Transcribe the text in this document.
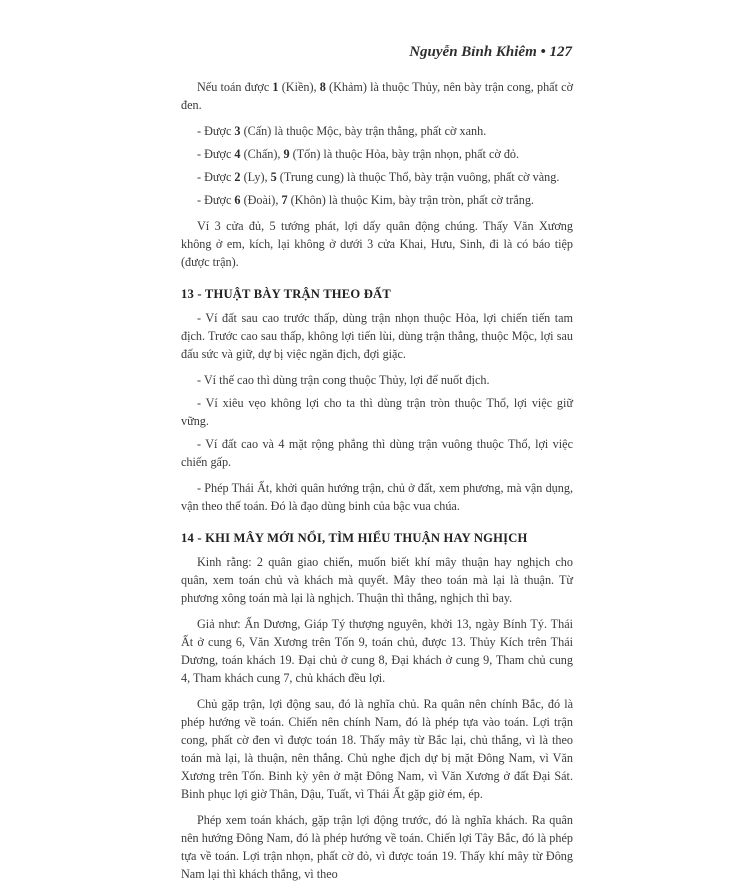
Nguyễn Bỉnh Khiêm • 127

Nếu toán được 1 (Kiền), 8 (Khảm) là thuộc Thủy, nên bày trận cong, phất cờ đen.

- Được 3 (Cấn) là thuộc Mộc, bày trận thẳng, phất cờ xanh.

- Được 4 (Chấn), 9 (Tốn) là thuộc Hỏa, bày trận nhọn, phất cờ đỏ.

- Được 2 (Ly), 5 (Trung cung) là thuộc Thổ, bày trận vuông, phất cờ vàng.

- Được 6 (Đoài), 7 (Khôn) là thuộc Kim, bày trận tròn, phất cờ trắng.

Ví 3 cửa đủ, 5 tướng phát, lợi dấy quân động chúng. Thấy Văn Xương không ở em, kích, lại không ở dưới 3 cửa Khai, Hưu, Sinh, đi là có báo tiệp (được trận).

13 - THUẬT BÀY TRẬN THEO ĐẤT

- Ví đất sau cao trước thấp, dùng trận nhọn thuộc Hỏa, lợi chiến tiến tam địch. Trước cao sau thấp, không lợi tiến lùi, dùng trận thẳng, thuộc Mộc, lợi sau đấu sức và giữ, dự bị việc ngăn địch, đợi giặc.

- Ví thế cao thì dùng trận cong thuộc Thủy, lợi để nuốt địch.

- Ví xiêu vẹo không lợi cho ta thì dùng trận tròn thuộc Thổ, lợi việc giữ vững.

- Ví đất cao và 4 mặt rộng phẳng thì dùng trận vuông thuộc Thổ, lợi việc chiến gấp.

- Phép Thái Ất, khởi quân hướng trận, chủ ở đất, xem phương, mà vận dụng, vận theo thế toán. Đó là đạo dùng binh của bậc vua chúa.

14 - KHI MÂY MỚI NỔI, TÌM HIỂU THUẬN HAY NGHỊCH

Kinh rằng: 2 quân giao chiến, muốn biết khí mây thuận hay nghịch cho quân, xem toán chủ và khách mà quyết. Mây theo toán mà lại là thuận. Từ phương xông toán mà lại là nghịch. Thuận thì thắng, nghịch thì bay.

Giả như: Ấn Dương, Giáp Tý thượng nguyên, khởi 13, ngày Bính Tý. Thái Ất ở cung 6, Văn Xương trên Tốn 9, toán chủ, được 13. Thủy Kích trên Thái Dương, toán khách 19. Đại chủ ở cung 8, Đại khách ở cung 9, Tham chủ cung 4, Tham khách cung 7, chủ khách đều lợi.

Chủ gặp trận, lợi động sau, đó là nghĩa chủ. Ra quân nên chính Bắc, đó là phép hướng về toán. Chiến nên chính Nam, đó là phép tựa vào toán. Lợi trận cong, phất cờ đen vì được toán 18. Thấy mây từ Bắc lại, chủ thắng, vì là theo toán mà lại, là thuận, nên thắng. Chủ nghe địch dự bị mặt Đông Nam, vì Văn Xương trên Tốn. Binh kỳ yên ở mặt Đông Nam, vì Văn Xương ở đất Đại Sát. Binh phục lợi giờ Thân, Dậu, Tuất, vì Thái Ất gặp giờ ém, ép.

Phép xem toán khách, gặp trận lợi động trước, đó là nghĩa khách. Ra quân nên hướng Đông Nam, đó là phép hướng về toán. Chiến lợi Tây Bắc, đó là phép tựa về toán. Lợi trận nhọn, phất cờ đỏ, vì được toán 19. Thấy khí mây từ Đông Nam lại thì khách thắng, vì theo
